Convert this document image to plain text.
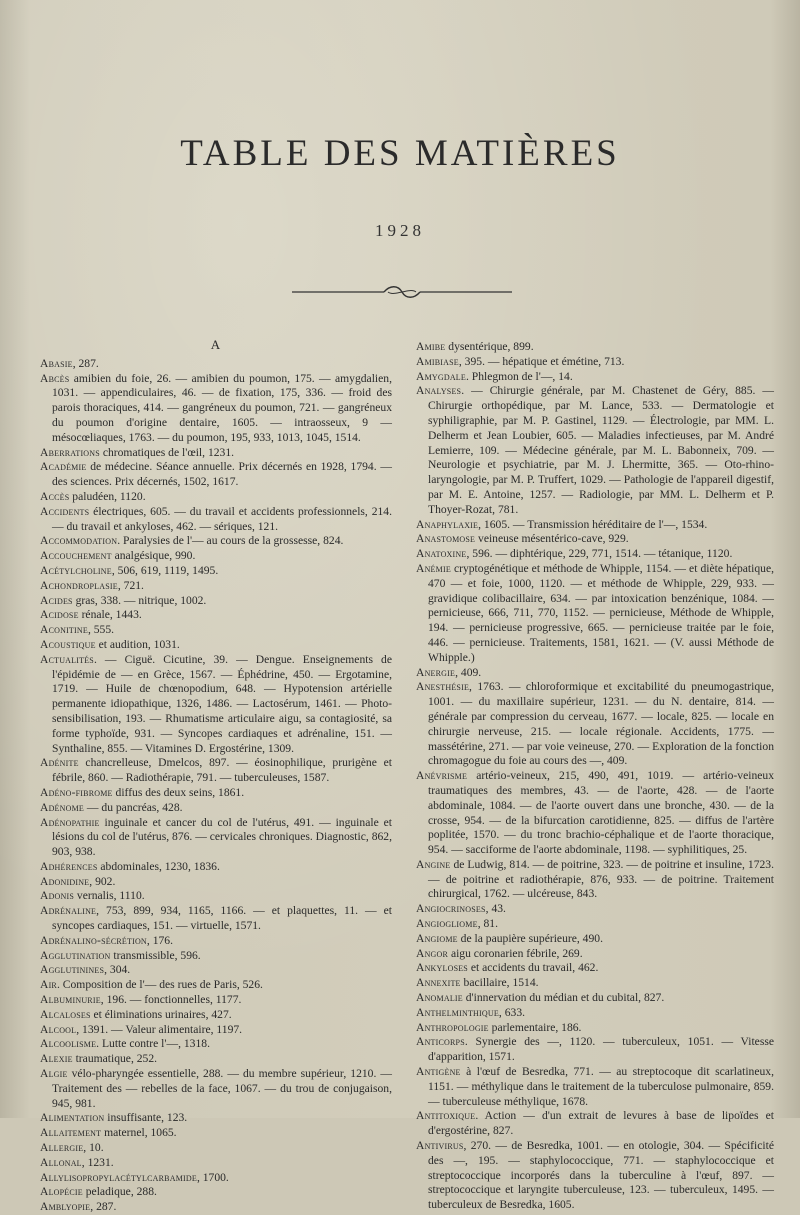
TABLE DES MATIÈRES
1928
A

Abasie, 287.

Abcès amibien du foie, 26. — amibien du poumon, 175. — amygdalien, 1031. — appendiculaires, 46. — de fixation, 175, 336. — froid des parois thoraciques, 414. — gangréneux du poumon, 721. — gangréneux du poumon d'origine dentaire, 1605. — intraosseux, 9 — mésocœliaques, 1763. — du poumon, 195, 933, 1013, 1045, 1514.

Aberrations chromatiques de l'œil, 1231.

Académie de médecine. Séance annuelle. Prix décernés en 1928, 1794. — des sciences. Prix décernés, 1502, 1617.

Accès paludéen, 1120.

Accidents électriques, 605. — du travail et accidents professionnels, 214. — du travail et ankyloses, 462. — sériques, 121.

Accommodation. Paralysies de l'— au cours de la grossesse, 824.

Accouchement analgésique, 990.

Acétylcholine, 506, 619, 1119, 1495.

Achondroplasie, 721.

Acides gras, 338. — nitrique, 1002.

Acidose rénale, 1443.

Aconitine, 555.

Acoustique et audition, 1031.

Actualités. — Ciguë. Cicutine, 39. — Dengue. Enseignements de l'épidémie de — en Grèce, 1567. — Éphédrine, 450. — Ergotamine, 1719. — Huile de chœnopodium, 648. — Hypotension artérielle permanente idiopathique, 1326, 1486. — Lactosérum, 1461. — Photo-sensibilisation, 193. — Rhumatisme articulaire aigu, sa contagiosité, sa forme typhoïde, 931. — Syncopes cardiaques et adrénaline, 151. — Synthaline, 855. — Vitamines D. Ergostérine, 1309.

Adénite chancrelleuse, Dmelcos, 897. — éosinophilique, prurigène et fébrile, 860. — Radiothérapie, 791. — tuberculeuses, 1587.

Adéno-fibrome diffus des deux seins, 1861.

Adénome — du pancréas, 428.

Adénopathie inguinale et cancer du col de l'utérus, 491. — inguinale et lésions du col de l'utérus, 876. — cervicales chroniques. Diagnostic, 862, 903, 938.

Adhérences abdominales, 1230, 1836.

Adonidine, 902.

Adonis vernalis, 1110.

Adrénaline, 753, 899, 934, 1165, 1166. — et plaquettes, 11. — et syncopes cardiaques, 151. — virtuelle, 1571.

Adrénalino-sécrétion, 176.

Agglutination transmissible, 596.

Agglutinines, 304.

Air. Composition de l'— des rues de Paris, 526.

Albuminurie, 196. — fonctionnelles, 1177.

Alcaloses et éliminations urinaires, 427.

Alcool, 1391. — Valeur alimentaire, 1197.

Alcoolisme. Lutte contre l'—, 1318.

Alexie traumatique, 252.

Algie vélo-pharyngée essentielle, 288. — du membre supérieur, 1210. — Traitement des — rebelles de la face, 1067. — du trou de conjugaison, 945, 981.

Alimentation insuffisante, 123.

Allaitement maternel, 1065.

Allergie, 10.

Allonal, 1231.

Allylisopropylacétylcarbamide, 1700.

Alopécie peladique, 288.

Amblyopie, 287.

Amibe dysentérique, 899.

Amibiase, 395. — hépatique et émétine, 713.

Amygdale. Phlegmon de l'—, 14.

Analyses. — Chirurgie générale, par M. Chastenet de Géry, 885. — Chirurgie orthopédique, par M. Lance, 533. — Dermatologie et syphiligraphie, par M. P. Gastinel, 1129. — Électrologie, par MM. L. Delherm et Jean Loubier, 605. — Maladies infectieuses, par M. André Lemierre, 109. — Médecine générale, par M. L. Babonneix, 709. — Neurologie et psychiatrie, par M. J. Lhermitte, 365. — Oto-rhino-laryngologie, par M. P. Truffert, 1029. — Pathologie de l'appareil digestif, par M. E. Antoine, 1257. — Radiologie, par MM. L. Delherm et P. Thoyer-Rozat, 781.

Anaphylaxie, 1605. — Transmission héréditaire de l'—, 1534.

Anastomose veineuse mésentérico-cave, 929.

Anatoxine, 596. — diphtérique, 229, 771, 1514. — tétanique, 1120.

Anémie cryptogénétique et méthode de Whipple, 1154. — et diète hépatique, 470 — et foie, 1000, 1120. — et méthode de Whipple, 229, 933. — gravidique colibacillaire, 634. — par intoxication benzénique, 1084. — pernicieuse, 666, 711, 770, 1152. — pernicieuse, Méthode de Whipple, 194. — pernicieuse progressive, 665. — pernicieuse traitée par le foie, 446. — pernicieuse. Traitements, 1581, 1621. — (V. aussi Méthode de Whipple.)

Anergie, 409.

Anesthésie, 1763. — chloroformique et excitabilité du pneumogastrique, 1001. — du maxillaire supérieur, 1231. — du N. dentaire, 814. — générale par compression du cerveau, 1677. — locale, 825. — locale en chirurgie nerveuse, 215. — locale régionale. Accidents, 1775. — massétérine, 271. — par voie veineuse, 270. — Exploration de la fonction chromagogue du foie au cours des —, 409.

Anévrisme artério-veineux, 215, 490, 491, 1019. — artério-veineux traumatiques des membres, 43. — de l'aorte, 428. — de l'aorte abdominale, 1084. — de l'aorte ouvert dans une bronche, 430. — de la crosse, 954. — de la bifurcation carotidienne, 825. — diffus de l'artère poplitée, 1570. — du tronc brachio-céphalique et de l'aorte thoracique, 954. — sacciforme de l'aorte abdominale, 1198. — syphilitiques, 25.

Angine de Ludwig, 814. — de poitrine, 323. — de poitrine et insuline, 1723. — de poitrine et radiothérapie, 876, 933. — de poitrine. Traitement chirurgical, 1762. — ulcéreuse, 843.

Angiocrinoses, 43.

Angiogliome, 81.

Angiome de la paupière supérieure, 490.

Angor aigu coronarien fébrile, 269.

Ankyloses et accidents du travail, 462.

Annexite bacillaire, 1514.

Anomalie d'innervation du médian et du cubital, 827.

Anthelminthique, 633.

Anthropologie parlementaire, 186.

Anticorps. Synergie des —, 1120. — tuberculeux, 1051. — Vitesse d'apparition, 1571.

Antigène à l'œuf de Besredka, 771. — au streptocoque dit scarlatineux, 1151. — méthylique dans le traitement de la tuberculose pulmonaire, 859. — tuberculeuse méthylique, 1678.

Antitoxique. Action — d'un extrait de levures à base de lipoïdes et d'ergostérine, 827.

Antivirus, 270. — de Besredka, 1001. — en otologie, 304. — Spécificité des —, 195. — staphylococcique, 771. — staphylococcique et streptococcique incorporés dans la tuberculine à l'œuf, 897. — streptococcique et laryngite tuberculeuse, 123. — tuberculeux, 1495. — tuberculeux de Besredka, 1605.
